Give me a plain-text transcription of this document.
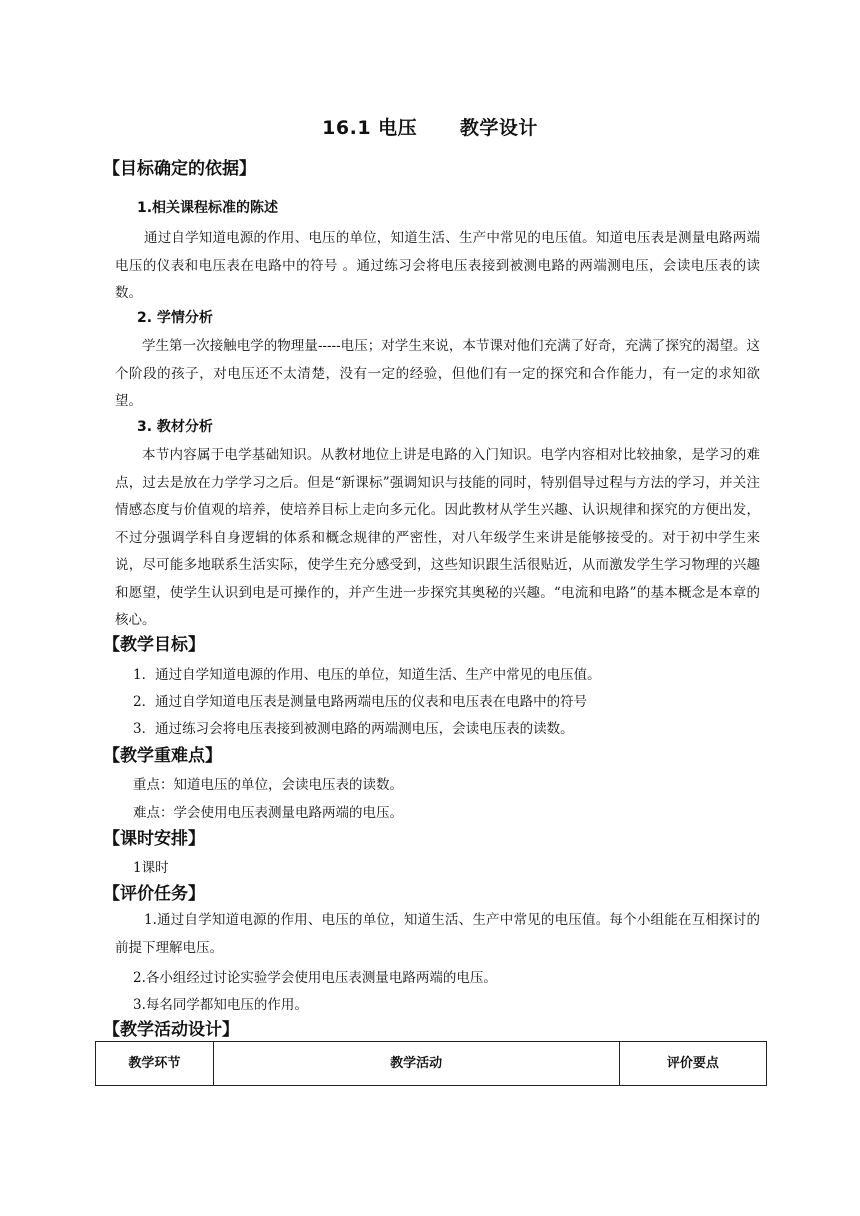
16.1 电压      教学设计
【目标确定的依据】
1.相关课程标准的陈述

通过自学知道电源的作用、电压的单位，知道生活、生产中常见的电压值。知道电压表是测量电路两端电压的仪表和电压表在电路中的符号 。通过练习会将电压表接到被测电路的两端测电压，会读电压表的读数。

2. 学情分析

学生第一次接触电学的物理量-----电压；对学生来说，本节课对他们充满了好奇，充满了探究的渴望。这个阶段的孩子，对电压还不太清楚，没有一定的经验，但他们有一定的探究和合作能力，有一定的求知欲望。

3. 教材分析

本节内容属于电学基础知识。从教材地位上讲是电路的入门知识。电学内容相对比较抽象，是学习的难点，过去是放在力学学习之后。但是“新课标”强调知识与技能的同时，特别倡导过程与方法的学习，并关注情感态度与价值观的培养，使培养目标上走向多元化。因此教材从学生兴趣、认识规律和探究的方便出发，不过分强调学科自身逻辑的体系和概念规律的严密性，对八年级学生来讲是能够接受的。对于初中学生来说，尽可能多地联系生活实际，使学生充分感受到，这些知识跟生活很贴近，从而激发学生学习物理的兴趣和愿望，使学生认识到电是可操作的，并产生进一步探究其奥秘的兴趣。“电流和电路”的基本概念是本章的核心。

【教学目标】
1．通过自学知道电源的作用、电压的单位，知道生活、生产中常见的电压值。
2．通过自学知道电压表是测量电路两端电压的仪表和电压表在电路中的符号
3．通过练习会将电压表接到被测电路的两端测电压，会读电压表的读数。
【教学重难点】
重点：知道电压的单位，会读电压表的读数。
难点：学会使用电压表测量电路两端的电压。
【课时安排】
1课时
【评价任务】

1.通过自学知道电源的作用、电压的单位，知道生活、生产中常见的电压值。每个小组能在互相探讨的前提下理解电压。

2.各小组经过讨论实验学会使用电压表测量电路两端的电压。
3.每名同学都知电压的作用。
【教学活动设计】
教学环节	教学活动	评价要点
